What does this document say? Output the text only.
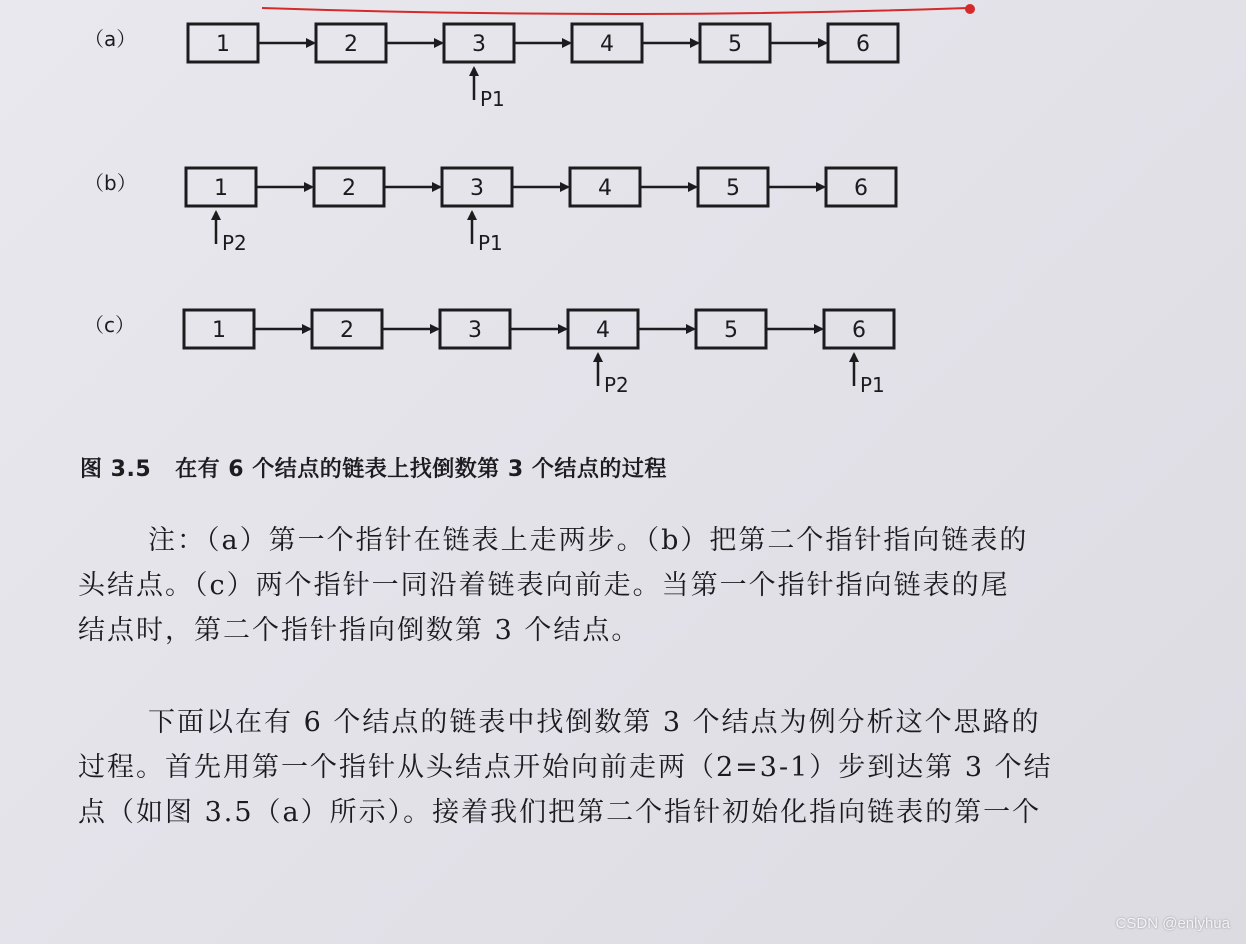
（a）	1	2	3	4	5	6
P1
（b）	1	2	3	4	5	6
P2	P1
（c）	1	2	3	4	5	6
P2	P1
图 3.5 在有 6 个结点的链表上找倒数第 3 个结点的过程
注：（a）第一个指针在链表上走两步。（b）把第二个指针指向链表的
头结点。（c）两个指针一同沿着链表向前走。当第一个指针指向链表的尾
结点时，第二个指针指向倒数第 3 个结点。
下面以在有 6 个结点的链表中找倒数第 3 个结点为例分析这个思路的
过程。首先用第一个指针从头结点开始向前走两（2=3-1）步到达第 3 个结
点（如图 3.5（a）所示）。接着我们把第二个指针初始化指向链表的第一个
CSDN @enlyhua
